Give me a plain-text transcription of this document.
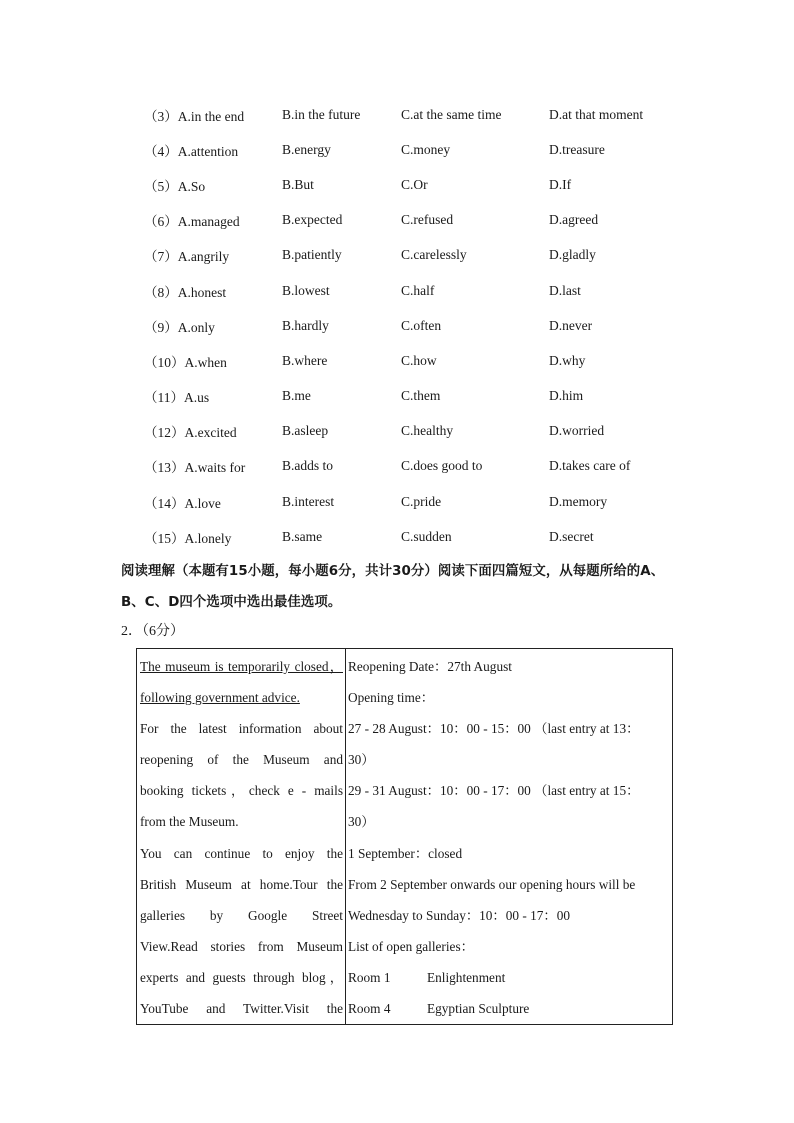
（3）A.in the end	B.in the future	C.at the same time	D.at that moment
（4）A.attention	B.energy	C.money	D.treasure
（5）A.So	B.But	C.Or	D.If
（6）A.managed	B.expected	C.refused	D.agreed
（7）A.angrily	B.patiently	C.carelessly	D.gladly
（8）A.honest	B.lowest	C.half	D.last
（9）A.only	B.hardly	C.often	D.never
（10）A.when	B.where	C.how	D.why
（11）A.us	B.me	C.them	D.him
（12）A.excited	B.asleep	C.healthy	D.worried
（13）A.waits for	B.adds to	C.does good to	D.takes care of
（14）A.love	B.interest	C.pride	D.memory
（15）A.lonely	B.same	C.sudden	D.secret
阅读理解（本题有15小题，每小题6分，共计30分）阅读下面四篇短文，从每题所给的A、B、C、D四个选项中选出最佳选项。
2．（6分）

The museum is temporarily closed，

following government advice.

For the latest information about

reopening of the Museum and

booking tickets，check e - mails

from the Museum.

You can continue to enjoy the

British Museum at home.Tour the

galleries by Google Street

View.Read stories from Museum

experts and guests through blog，

YouTube and Twitter.Visit the

Reopening Date：27th August

Opening time：

27 - 28 August：10：00 - 15：00 （last entry at 13：

30）

29 - 31 August：10：00 - 17：00 （last entry at 15：

30）

1 September：closed

From 2 September onwards our opening hours will be

Wednesday to Sunday：10：00 - 17：00

List of open galleries：

Room 1	Enlightenment

Room 4	Egyptian Sculpture
